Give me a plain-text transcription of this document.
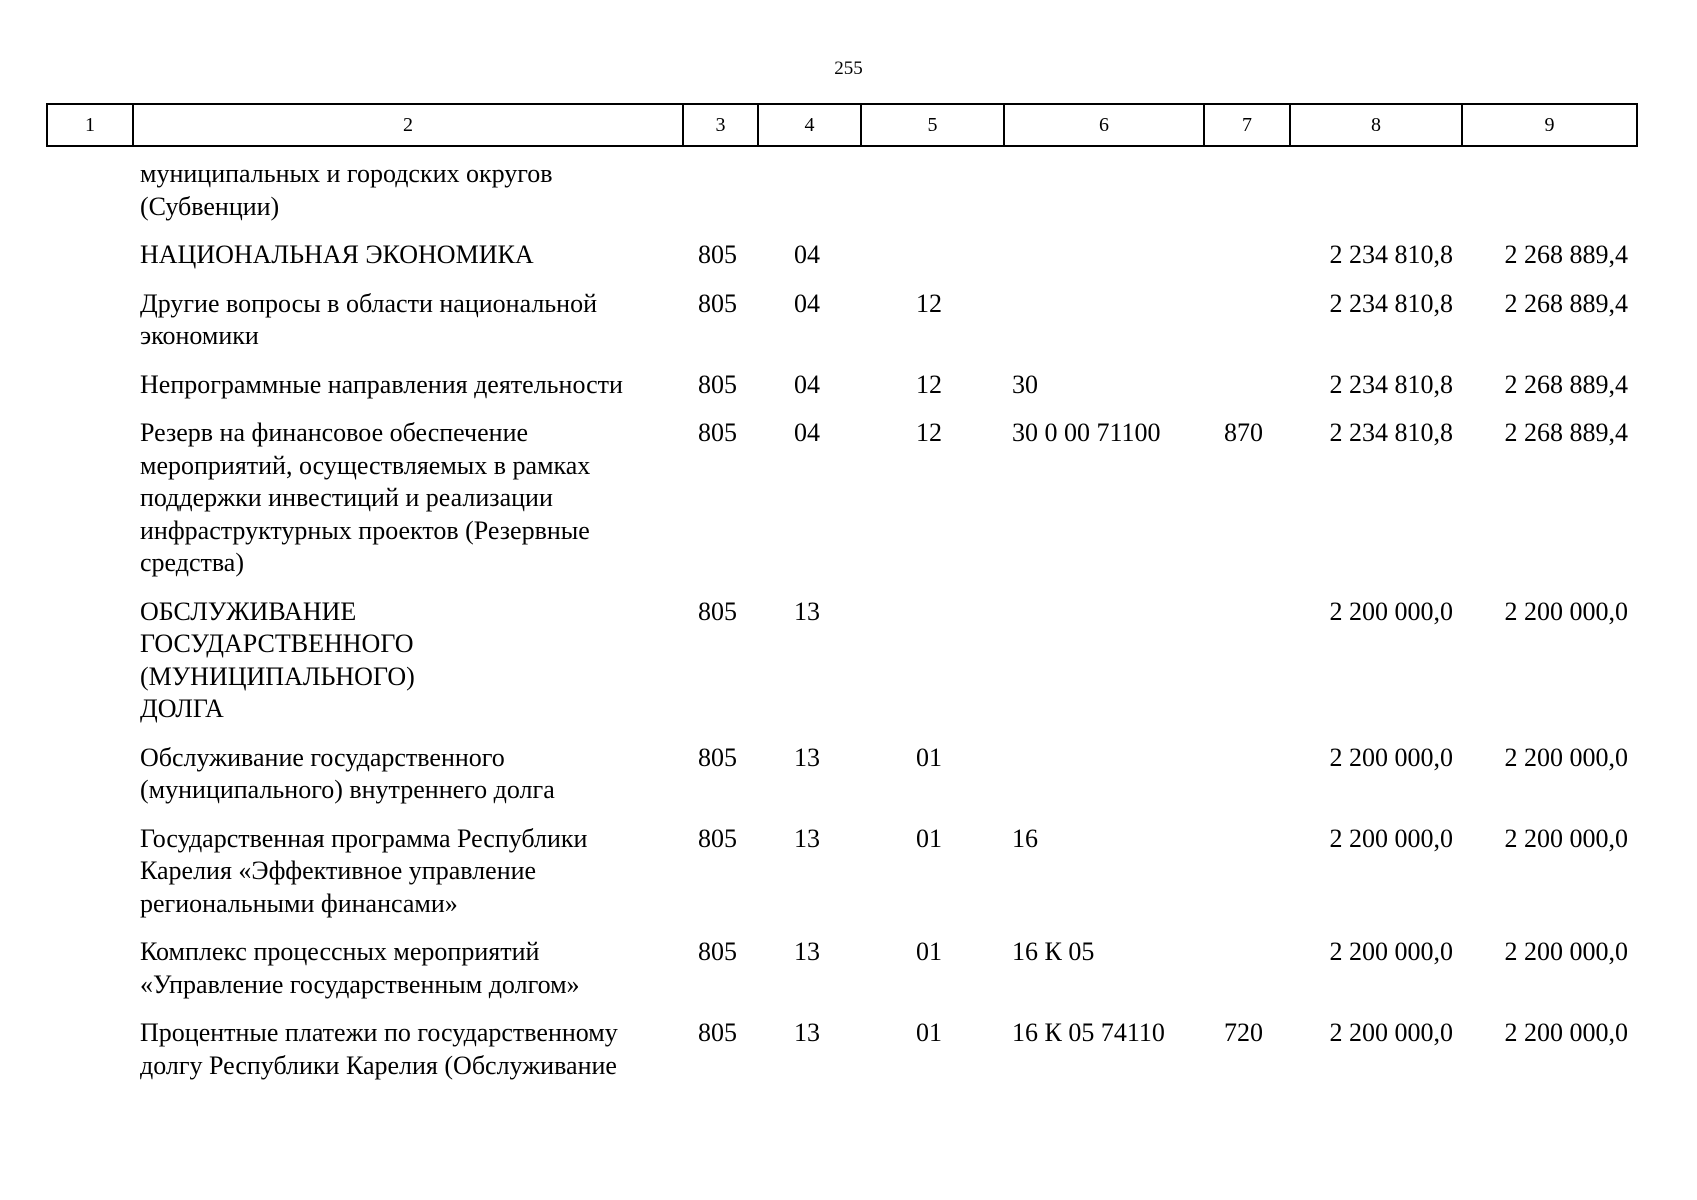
255
1	2	3	4	5	6	7	8	9
муниципальных и городских округов (Субвенции)							
НАЦИОНАЛЬНАЯ ЭКОНОМИКА	805	04				2 234 810,8	2 268 889,4
Другие вопросы в области национальной экономики	805	04	12			2 234 810,8	2 268 889,4
Непрограммные направления деятельности	805	04	12	30		2 234 810,8	2 268 889,4
Резерв на финансовое обеспечение мероприятий, осуществляемых в рамках поддержки инвестиций и реализации инфраструктурных проектов (Резервные средства)	805	04	12	30 0 00 71100	870	2 234 810,8	2 268 889,4
ОБСЛУЖИВАНИЕ ГОСУДАРСТВЕННОГО (МУНИЦИПАЛЬНОГО) ДОЛГА	805	13				2 200 000,0	2 200 000,0
Обслуживание государственного (муниципального) внутреннего долга	805	13	01			2 200 000,0	2 200 000,0
Государственная программа Республики Карелия «Эффективное управление региональными финансами»	805	13	01	16		2 200 000,0	2 200 000,0
Комплекс процессных мероприятий «Управление государственным долгом»	805	13	01	16 К 05		2 200 000,0	2 200 000,0
Процентные платежи по государственному долгу Республики Карелия (Обслуживание	805	13	01	16 К 05 74110	720	2 200 000,0	2 200 000,0
